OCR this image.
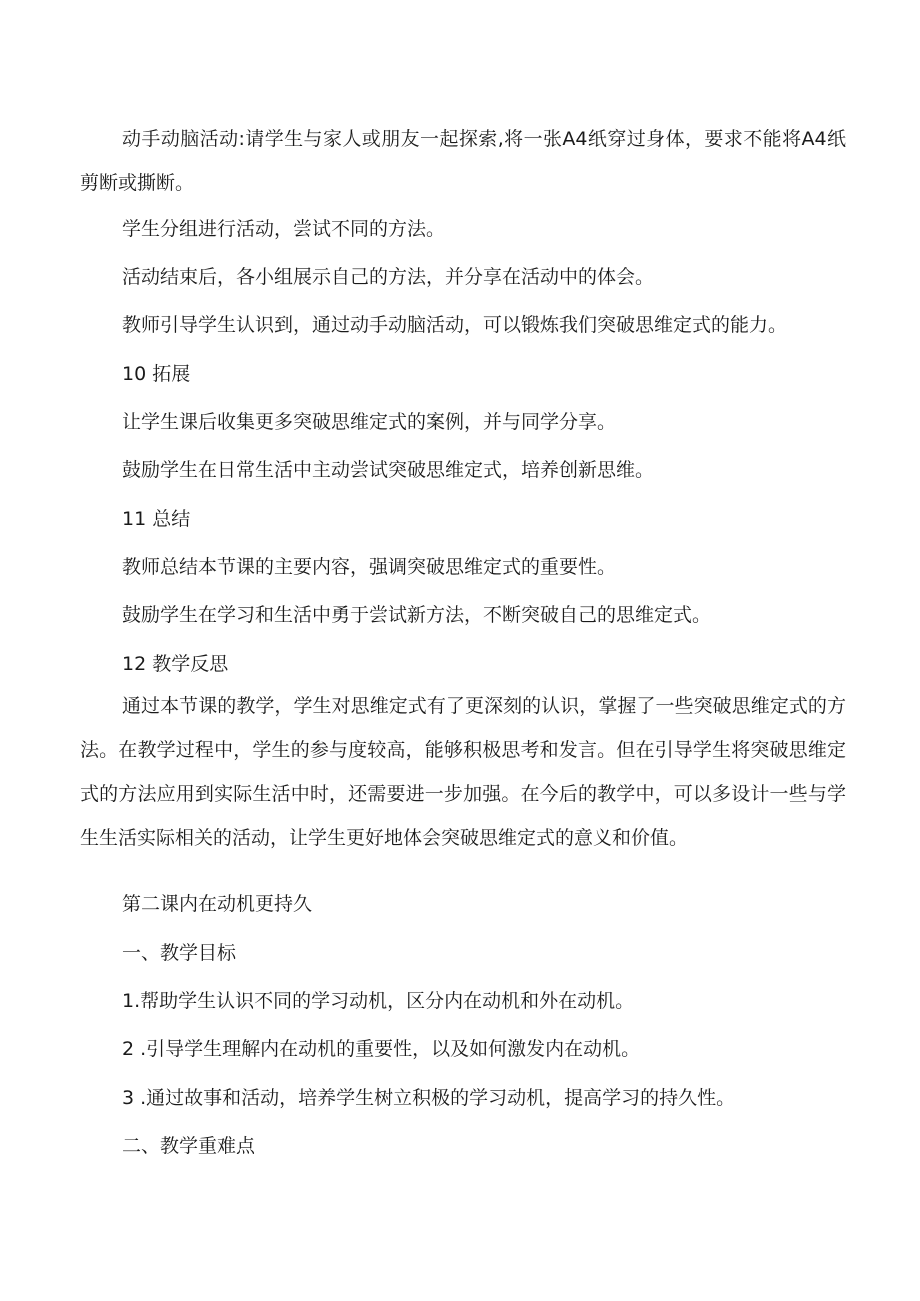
动手动脑活动:请学生与家人或朋友一起探索,将一张A4纸穿过身体，要求不能将A4纸剪断或撕断。

学生分组进行活动，尝试不同的方法。

活动结束后，各小组展示自己的方法，并分享在活动中的体会。

教师引导学生认识到，通过动手动脑活动，可以锻炼我们突破思维定式的能力。

10 拓展

让学生课后收集更多突破思维定式的案例，并与同学分享。

鼓励学生在日常生活中主动尝试突破思维定式，培养创新思维。

11 总结

教师总结本节课的主要内容，强调突破思维定式的重要性。

鼓励学生在学习和生活中勇于尝试新方法，不断突破自己的思维定式。

12 教学反思

通过本节课的教学，学生对思维定式有了更深刻的认识，掌握了一些突破思维定式的方法。在教学过程中，学生的参与度较高，能够积极思考和发言。但在引导学生将突破思维定式的方法应用到实际生活中时，还需要进一步加强。在今后的教学中，可以多设计一些与学生生活实际相关的活动，让学生更好地体会突破思维定式的意义和价值。

第二课内在动机更持久

一、教学目标

1.帮助学生认识不同的学习动机，区分内在动机和外在动机。

2 .引导学生理解内在动机的重要性，以及如何激发内在动机。

3 .通过故事和活动，培养学生树立积极的学习动机，提高学习的持久性。

二、教学重难点
